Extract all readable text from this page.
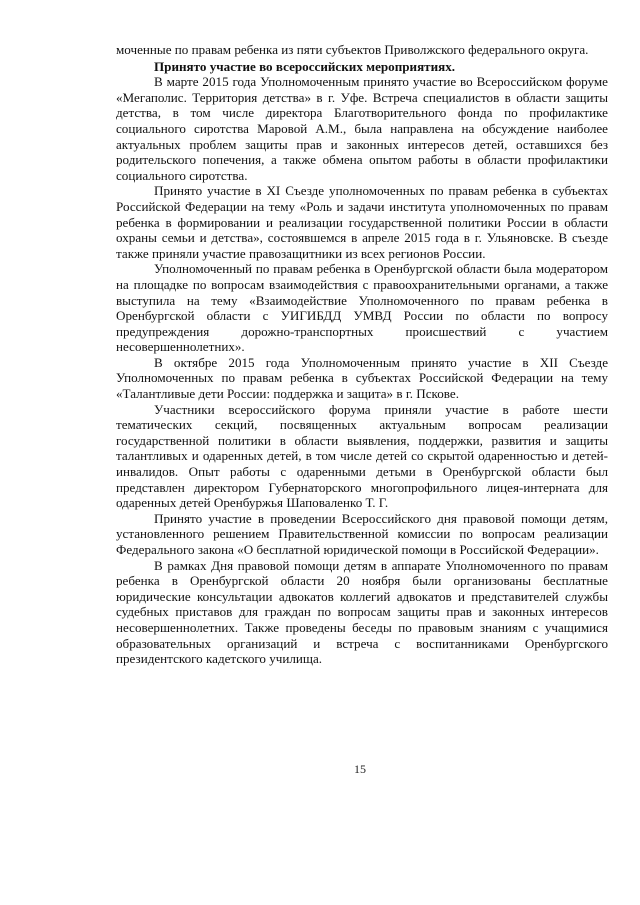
моченные по правам ребенка из пяти субъектов Приволжского федерального округа.

Принято участие во всероссийских мероприятиях.

В марте 2015 года Уполномоченным принято участие во Всероссийском форуме «Мегаполис. Территория детства» в г. Уфе. Встреча специалистов в области защиты детства, в том числе директора Благотворительного фонда по профилактике социального сиротства Маровой А.М., была направлена на обсуждение наиболее актуальных проблем защиты прав и законных интересов детей, оставшихся без родительского попечения, а также обмена опытом работы в области профилактики социального сиротства.

Принято участие в XI Съезде уполномоченных по правам ребенка в субъектах Российской Федерации на тему «Роль и задачи института уполномоченных по правам ребенка в формировании и реализации государственной политики России в области охраны семьи и детства», состоявшемся в апреле 2015 года в г. Ульяновске. В съезде также приняли участие правозащитники из всех регионов России.

Уполномоченный по правам ребенка в Оренбургской области была модератором на площадке по вопросам взаимодействия с правоохранительными органами, а также выступила на тему «Взаимодействие Уполномоченного по правам ребенка в Оренбургской области с УИГИБДД УМВД России по области по вопросу предупреждения дорожно-транспортных происшествий с участием несовершеннолетних».

В октябре 2015 года Уполномоченным принято участие в XII Съезде Уполномоченных по правам ребенка в субъектах Российской Федерации на тему «Талантливые дети России: поддержка и защита» в г. Пскове.

Участники всероссийского форума приняли участие в работе шести тематических секций, посвященных актуальным вопросам реализации государственной политики в области выявления, поддержки, развития и защиты талантливых и одаренных детей, в том числе детей со скрытой одаренностью и детей-инвалидов. Опыт работы с одаренными детьми в Оренбургской области был представлен директором Губернаторского многопрофильного лицея-интерната для одаренных детей Оренбуржья Шаповаленко Т. Г.

Принято участие в проведении Всероссийского дня правовой помощи детям, установленного решением Правительственной комиссии по вопросам реализации Федерального закона «О бесплатной юридической помощи в Российской Федерации».

В рамках Дня правовой помощи детям в аппарате Уполномоченного по правам ребенка в Оренбургской области 20 ноября были организованы бесплатные юридические консультации адвокатов коллегий адвокатов и представителей службы судебных приставов для граждан по вопросам защиты прав и законных интересов несовершеннолетних. Также проведены беседы по правовым знаниям с учащимися образовательных организаций и встреча с воспитанниками Оренбургского президентского кадетского училища.

15
